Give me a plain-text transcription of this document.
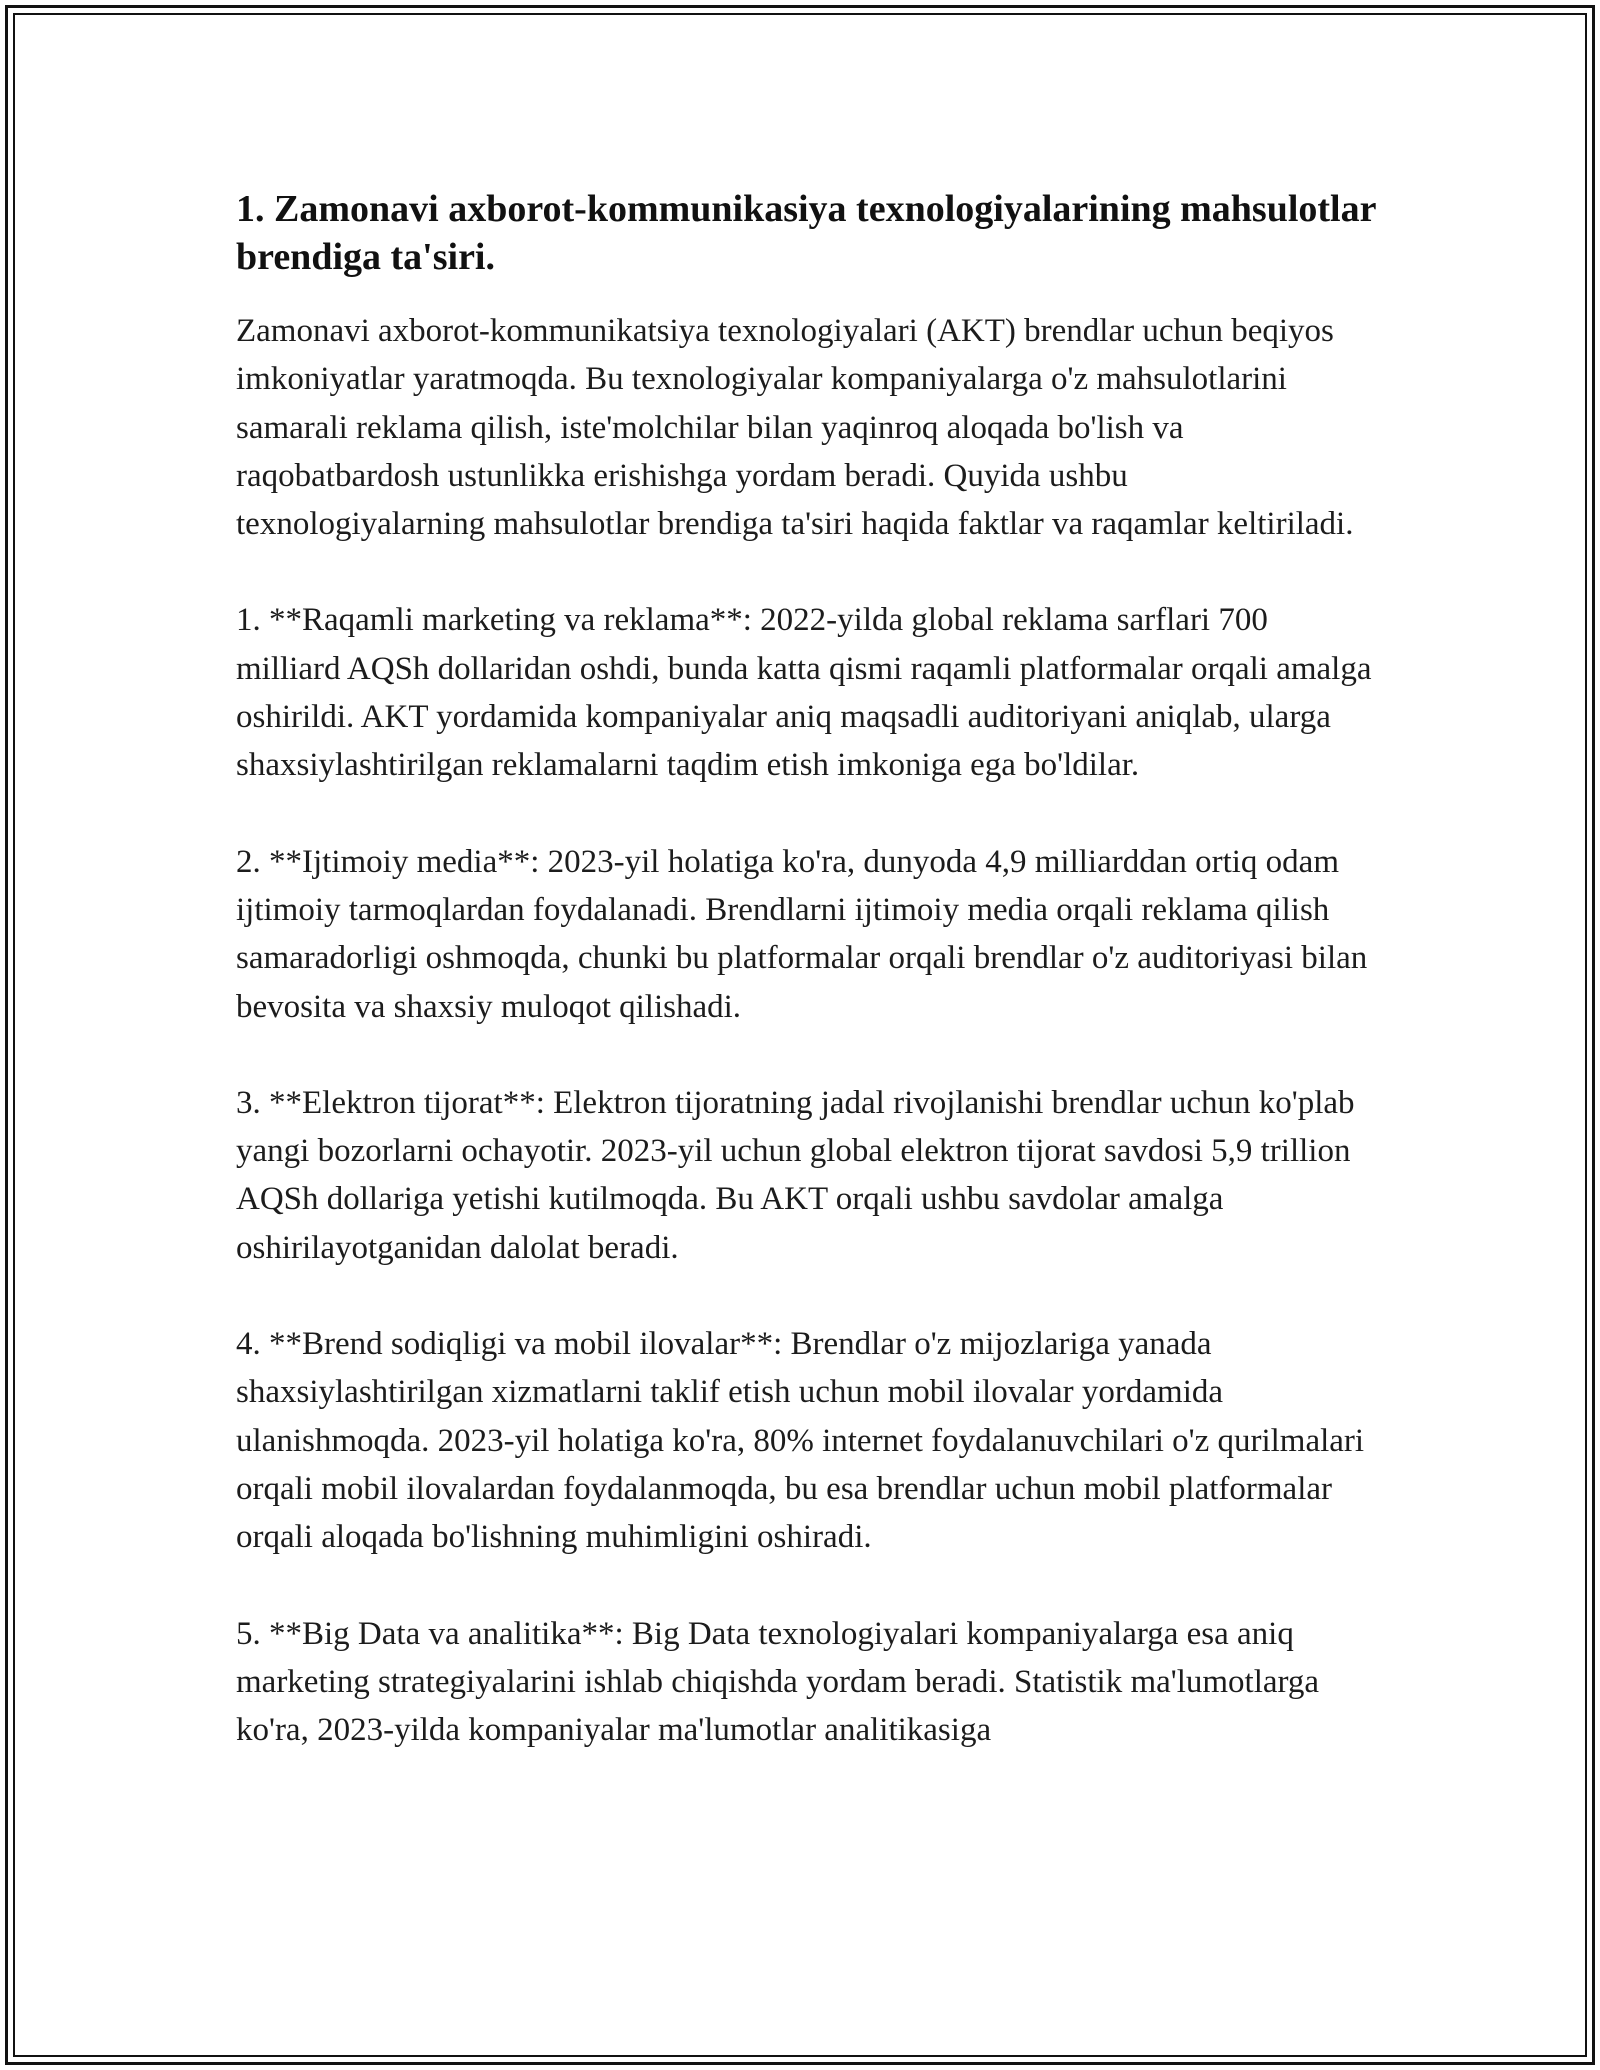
1. Zamonavi axborot-kommunikasiya texnologiyalarining mahsulotlar brendiga ta'siri.

Zamonavi axborot-kommunikatsiya texnologiyalari (AKT) brendlar uchun beqiyos imkoniyatlar yaratmoqda. Bu texnologiyalar kompaniyalarga o'z mahsulotlarini samarali reklama qilish, iste'molchilar bilan yaqinroq aloqada bo'lish va raqobatbardosh ustunlikka erishishga yordam beradi. Quyida ushbu texnologiyalarning mahsulotlar brendiga ta'siri haqida faktlar va raqamlar keltiriladi.

1. **Raqamli marketing va reklama**: 2022-yilda global reklama sarflari 700 milliard AQSh dollaridan oshdi, bunda katta qismi raqamli platformalar orqali amalga oshirildi. AKT yordamida kompaniyalar aniq maqsadli auditoriyani aniqlab, ularga shaxsiylashtirilgan reklamalarni taqdim etish imkoniga ega bo'ldilar.

2. **Ijtimoiy media**: 2023-yil holatiga ko'ra, dunyoda 4,9 milliarddan ortiq odam ijtimoiy tarmoqlardan foydalanadi. Brendlarni ijtimoiy media orqali reklama qilish samaradorligi oshmoqda, chunki bu platformalar orqali brendlar o'z auditoriyasi bilan bevosita va shaxsiy muloqot qilishadi.

3. **Elektron tijorat**: Elektron tijoratning jadal rivojlanishi brendlar uchun ko'plab yangi bozorlarni ochayotir. 2023-yil uchun global elektron tijorat savdosi 5,9 trillion AQSh dollariga yetishi kutilmoqda. Bu AKT orqali ushbu savdolar amalga oshirilayotganidan dalolat beradi.

4. **Brend sodiqligi va mobil ilovalar**: Brendlar o'z mijozlariga yanada shaxsiylashtirilgan xizmatlarni taklif etish uchun mobil ilovalar yordamida ulanishmoqda. 2023-yil holatiga ko'ra, 80% internet foydalanuvchilari o'z qurilmalari orqali mobil ilovalardan foydalanmoqda, bu esa brendlar uchun mobil platformalar orqali aloqada bo'lishning muhimligini oshiradi.

5. **Big Data va analitika**: Big Data texnologiyalari kompaniyalarga esa aniq marketing strategiyalarini ishlab chiqishda yordam beradi. Statistik ma'lumotlarga ko'ra, 2023-yilda kompaniyalar ma'lumotlar analitikasiga
